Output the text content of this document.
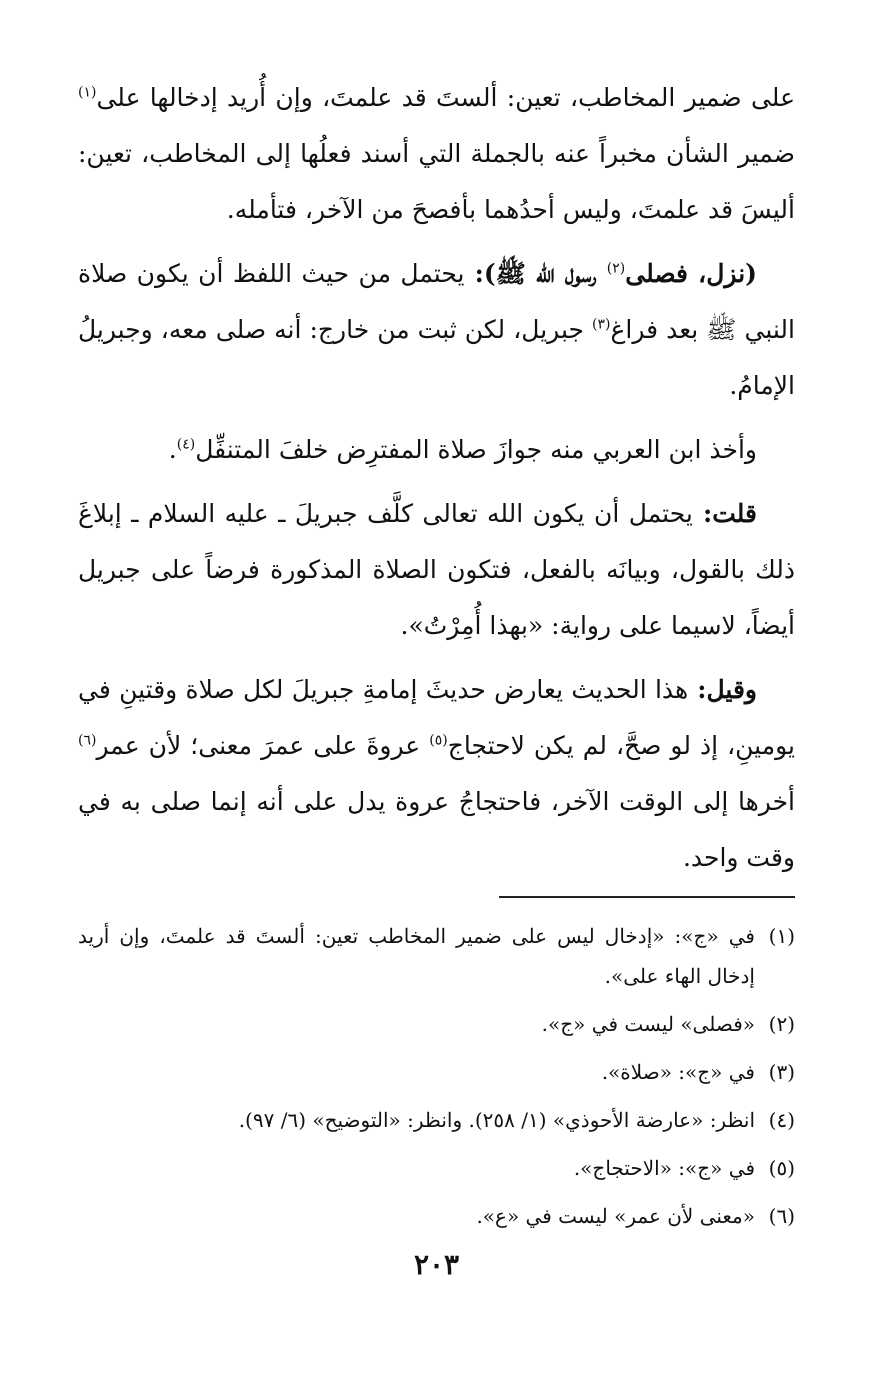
على ضمير المخاطب، تعين: ألستَ قد علمتَ، وإن أُريد إدخالها على$^{(١)}$ ضمير الشأن مخبراً عنه بالجملة التي أسند فعلُها إلى المخاطب، تعين: أليسَ قد علمتَ، وليس أحدُهما بأفصحَ من الآخر، فتأمله.

(نزل، فصلى$^{(٢)}$ رسول الله ﷺ): يحتمل من حيث اللفظ أن يكون صلاة النبي ﷺ بعد فراغ$^{(٣)}$ جبريل، لكن ثبت من خارج: أنه صلى معه، وجبريلُ الإمامُ.

وأخذ ابن العربي منه جوازَ صلاة المفترِض خلفَ المتنفِّل$^{(٤)}$.

قلت: يحتمل أن يكون الله تعالى كلَّف جبريلَ ـ عليه السلام ـ إبلاغَ ذلك بالقول، وبيانَه بالفعل، فتكون الصلاة المذكورة فرضاً على جبريل أيضاً، لاسيما على رواية: «بهذا أُمِرْتُ».

وقيل: هذا الحديث يعارض حديثَ إمامةِ جبريلَ لكل صلاة وقتينِ في يومينِ، إذ لو صحَّ، لم يكن لاحتجاج$^{(٥)}$ عروةَ على عمرَ معنى؛ لأن عمر$^{(٦)}$ أخرها إلى الوقت الآخر، فاحتجاجُ عروة يدل على أنه إنما صلى به في وقت واحد.

(١)
في «ج»: «إدخال ليس على ضمير المخاطب تعين: ألستَ قد علمتَ، وإن أريد إدخال الهاء على».
(٢)
«فصلى» ليست في «ج».
(٣)
في «ج»: «صلاة».
(٤)
انظر: «عارضة الأحوذي» (١/ ٢٥٨). وانظر: «التوضيح» (٦/ ٩٧).
(٥)
في «ج»: «الاحتجاج».
(٦)
«معنى لأن عمر» ليست في «ع».
٢٠٣
